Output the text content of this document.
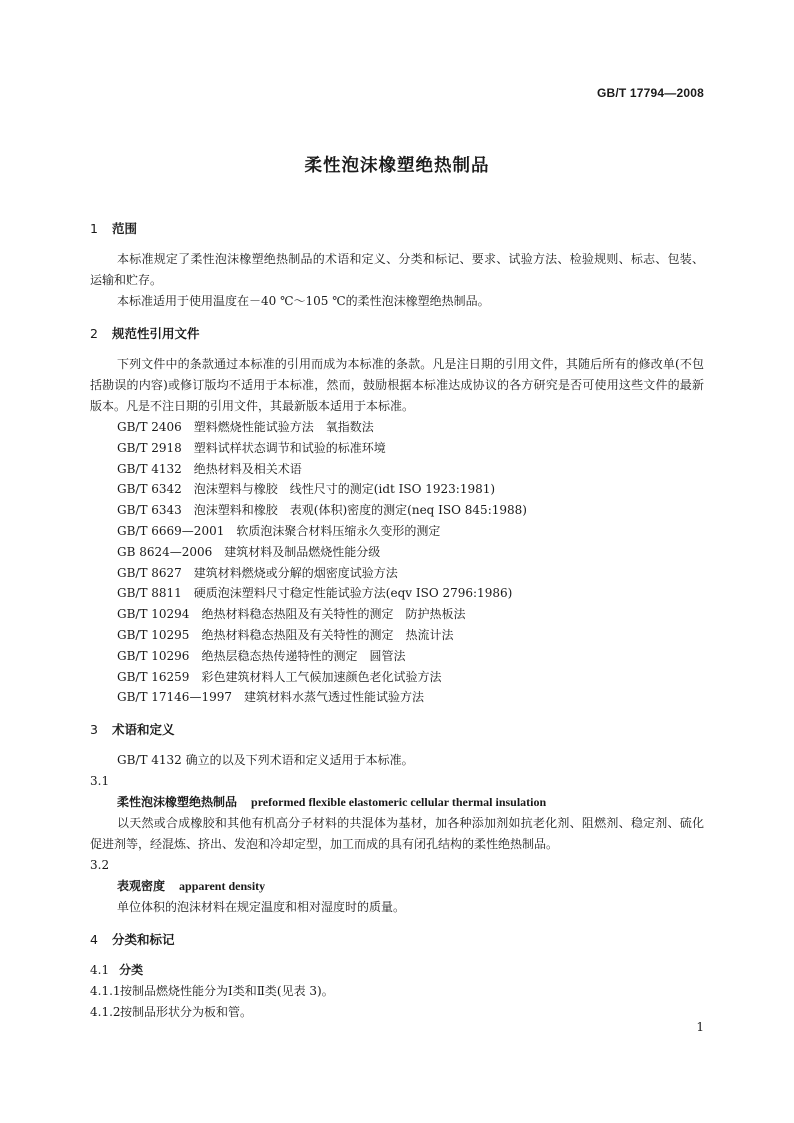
GB/T 17794—2008
柔性泡沫橡塑绝热制品
1 范围

本标准规定了柔性泡沫橡塑绝热制品的术语和定义、分类和标记、要求、试验方法、检验规则、标志、包装、运输和贮存。

本标准适用于使用温度在－40 ℃～105 ℃的柔性泡沫橡塑绝热制品。

2 规范性引用文件

下列文件中的条款通过本标准的引用而成为本标准的条款。凡是注日期的引用文件，其随后所有的修改单(不包括勘误的内容)或修订版均不适用于本标准，然而，鼓励根据本标准达成协议的各方研究是否可使用这些文件的最新版本。凡是不注日期的引用文件，其最新版本适用于本标准。

GB/T 2406　塑料燃烧性能试验方法　氧指数法
GB/T 2918　塑料试样状态调节和试验的标准环境
GB/T 4132　绝热材料及相关术语
GB/T 6342　泡沫塑料与橡胶　线性尺寸的测定(idt ISO 1923:1981)
GB/T 6343　泡沫塑料和橡胶　表观(体积)密度的测定(neq ISO 845:1988)
GB/T 6669—2001　软质泡沫聚合材料压缩永久变形的测定
GB 8624—2006　建筑材料及制品燃烧性能分级
GB/T 8627　建筑材料燃烧或分解的烟密度试验方法
GB/T 8811　硬质泡沫塑料尺寸稳定性能试验方法(eqv ISO 2796:1986)
GB/T 10294　绝热材料稳态热阻及有关特性的测定　防护热板法
GB/T 10295　绝热材料稳态热阻及有关特性的测定　热流计法
GB/T 10296　绝热层稳态热传递特性的测定　圆管法
GB/T 16259　彩色建筑材料人工气候加速颜色老化试验方法
GB/T 17146—1997　建筑材料水蒸气透过性能试验方法
3 术语和定义

GB/T 4132 确立的以及下列术语和定义适用于本标准。

3.1
柔性泡沫橡塑绝热制品 preformed flexible elastomeric cellular thermal insulation

以天然或合成橡胶和其他有机高分子材料的共混体为基材，加各种添加剂如抗老化剂、阻燃剂、稳定剂、硫化促进剂等，经混炼、挤出、发泡和冷却定型，加工而成的具有闭孔结构的柔性绝热制品。

3.2
表观密度 apparent density

单位体积的泡沫材料在规定温度和相对湿度时的质量。

4 分类和标记
4.1 分类
4.1.1按制品燃烧性能分为Ⅰ类和Ⅱ类(见表 3)。
4.1.2按制品形状分为板和管。
1
